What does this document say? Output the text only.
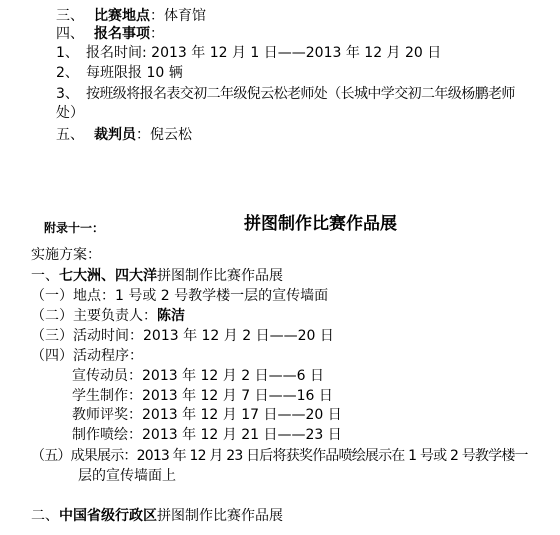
三、 比赛地点：体育馆
四、 报名事项：
1、 报名时间: 2013 年 12 月 1 日——2013 年 12 月 20 日
2、 每班限报 10 辆
3、 按班级将报名表交初二年级倪云松老师处（长城中学交初二年级杨鹏老师
处）
五、 裁判员：倪云松
附录十一：	拼图制作比赛作品展
实施方案：
一、七大洲、四大洋拼图制作比赛作品展
（一）地点：1 号或 2 号教学楼一层的宣传墙面
（二）主要负责人：陈洁
（三）活动时间：2013 年 12 月 2 日——20 日
（四）活动程序：
宣传动员：2013 年 12 月 2 日——6 日
学生制作：2013 年 12 月 7 日——16 日
教师评奖：2013 年 12 月 17 日——20 日
制作喷绘：2013 年 12 月 21 日——23 日
（五）成果展示：2013 年 12 月 23 日后将获奖作品喷绘展示在 1 号或 2 号教学楼一
层的宣传墙面上
二、中国省级行政区拼图制作比赛作品展
